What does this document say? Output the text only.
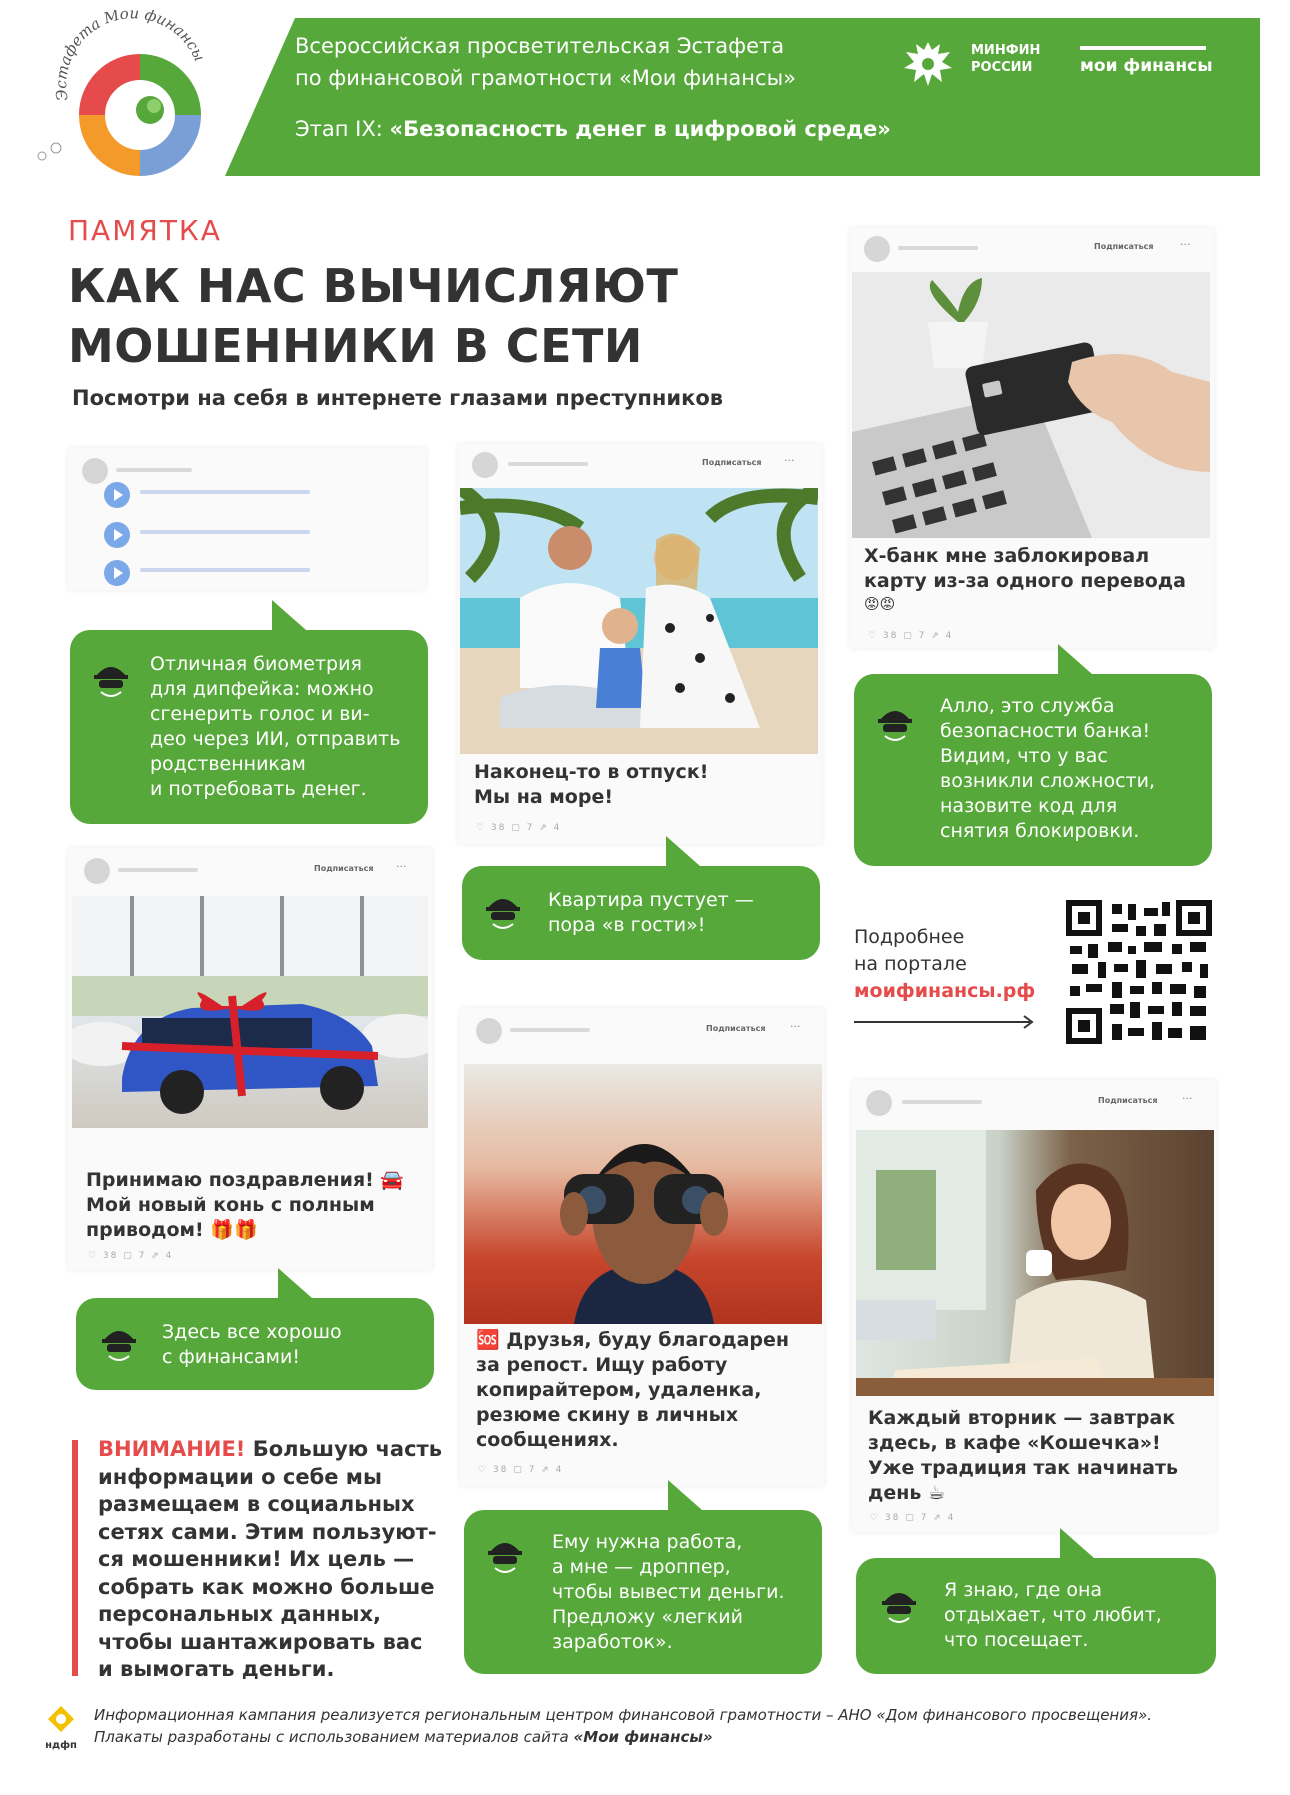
Эстафета Мои финансы	Всероссийская просветительская Эстафета
по финансовой грамотности «Мои финансы»
Этап IX: «Безопасность денег в цифровой среде»
МИНФИН
РОССИИ	мои финансы
ПАМЯТКА
КАК НАС ВЫЧИСЛЯЮТ
МОШЕННИКИ В СЕТИ
Посмотри на себя в интернете глазами преступников
Отличная биометрия
для дипфейка: можно
сгенерить голос и ви-
део через ИИ, отправить
родственникам
и потребовать денег.
Подписаться ···
Принимаю поздравления! 🚘
Мой новый конь с полным
приводом! 🎁🎁
♡ 38 ▢ 7 ⇗ 4
Здесь все хорошо
с финансами!
ВНИМАНИЕ! Большую часть
информации о себе мы
размещаем в социальных
сетях сами. Этим пользуют-
ся мошенники! Их цель —
собрать как можно больше
персональных данных,
чтобы шантажировать вас
и вымогать деньги.
Подписаться ···
Наконец-то в отпуск!
Мы на море!
♡ 38 ▢ 7 ⇗ 4
Квартира пустует —
пора «в гости»!
Подписаться ···
🆘 Друзья, буду благодарен
за репост. Ищу работу
копирайтером, удаленка,
резюме скину в личных
сообщениях.
♡ 38 ▢ 7 ⇗ 4
Ему нужна работа,
а мне — дроппер,
чтобы вывести деньги.
Предложу «легкий
заработок».
Подписаться ···
Х-банк мне заблокировал
карту из-за одного перевода
😡😡
♡ 38 ▢ 7 ⇗ 4
Алло, это служба
безопасности банка!
Видим, что у вас
возникли сложности,
назовите код для
снятия блокировки.
Подробнее
на портале
моифинансы.рф
Подписаться ···
Каждый вторник — завтрак
здесь, в кафе «Кошечка»!
Уже традиция так начинать
день ☕
♡ 38 ▢ 7 ⇗ 4
Я знаю, где она
отдыхает, что любит,
что посещает.
ндфп
Информационная кампания реализуется региональным центром финансовой грамотности – АНО «Дом финансового просвещения».
Плакаты разработаны с использованием материалов сайта «Мои финансы»
